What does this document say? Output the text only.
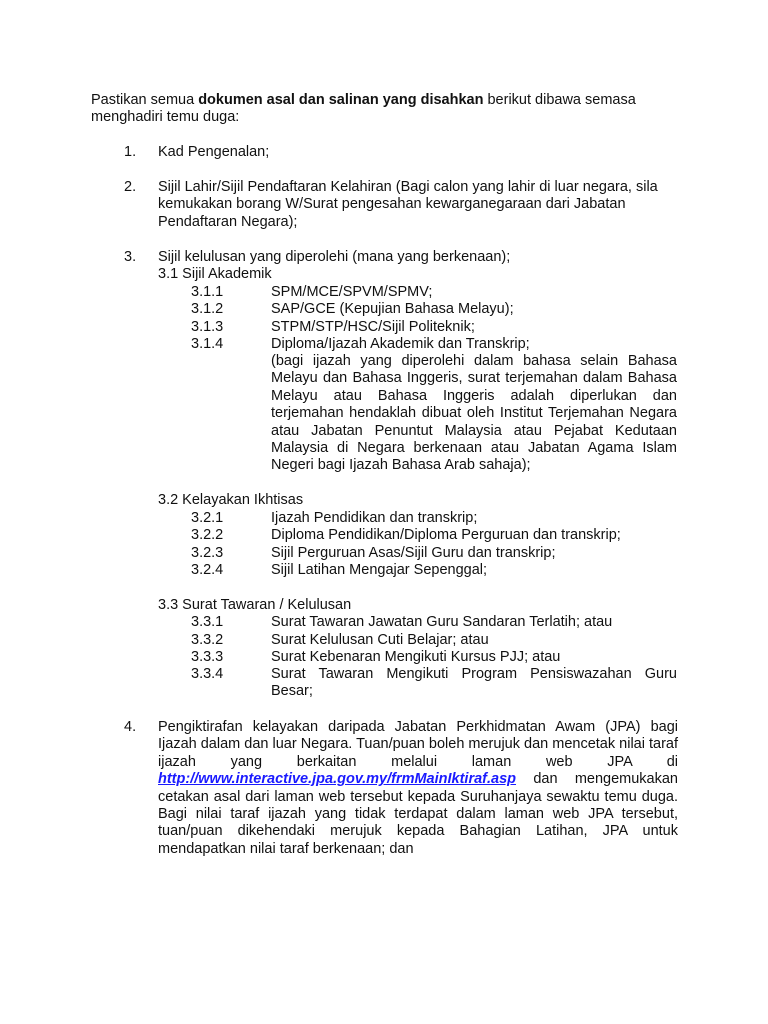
Pastikan semua dokumen asal dan salinan yang disahkan berikut dibawa semasa menghadiri temu duga:
1. Kad Pengenalan;
2. Sijil Lahir/Sijil Pendaftaran Kelahiran (Bagi calon yang lahir di luar negara, sila kemukakan borang W/Surat pengesahan kewarganegaraan dari Jabatan Pendaftaran Negara);
3. Sijil kelulusan yang diperolehi (mana yang berkenaan);
3.1 Sijil Akademik
3.1.1	SPM/MCE/SPVM/SPMV;
3.1.2	SAP/GCE (Kepujian Bahasa Melayu);
3.1.3	STPM/STP/HSC/Sijil Politeknik;
3.1.4	Diploma/Ijazah Akademik dan Transkrip;
(bagi ijazah yang diperolehi dalam bahasa selain Bahasa Melayu dan Bahasa Inggeris, surat terjemahan dalam Bahasa Melayu atau Bahasa Inggeris adalah diperlukan dan terjemahan hendaklah dibuat oleh Institut Terjemahan Negara atau Jabatan Penuntut Malaysia atau Pejabat Kedutaan Malaysia di Negara berkenaan atau Jabatan Agama Islam Negeri bagi Ijazah Bahasa Arab sahaja);
3.2 Kelayakan Ikhtisas
3.2.1	Ijazah Pendidikan dan transkrip;
3.2.2	Diploma Pendidikan/Diploma Perguruan dan transkrip;
3.2.3	Sijil Perguruan Asas/Sijil Guru dan transkrip;
3.2.4	Sijil Latihan Mengajar Sepenggal;
3.3 Surat Tawaran / Kelulusan
3.3.1	Surat Tawaran Jawatan Guru Sandaran Terlatih; atau
3.3.2	Surat Kelulusan Cuti Belajar; atau
3.3.3	Surat Kebenaran Mengikuti Kursus PJJ; atau
3.3.4	Surat Tawaran Mengikuti Program Pensiswazahan Guru Besar;
4. Pengiktirafan kelayakan daripada Jabatan Perkhidmatan Awam (JPA) bagi Ijazah dalam dan luar Negara. Tuan/puan boleh merujuk dan mencetak nilai taraf ijazah yang berkaitan melalui laman web JPA di http://www.interactive.jpa.gov.my/frmMainIktiraf.asp dan mengemukakan cetakan asal dari laman web tersebut kepada Suruhanjaya sewaktu temu duga. Bagi nilai taraf ijazah yang tidak terdapat dalam laman web JPA tersebut, tuan/puan dikehendaki merujuk kepada Bahagian Latihan, JPA untuk mendapatkan nilai taraf berkenaan; dan
